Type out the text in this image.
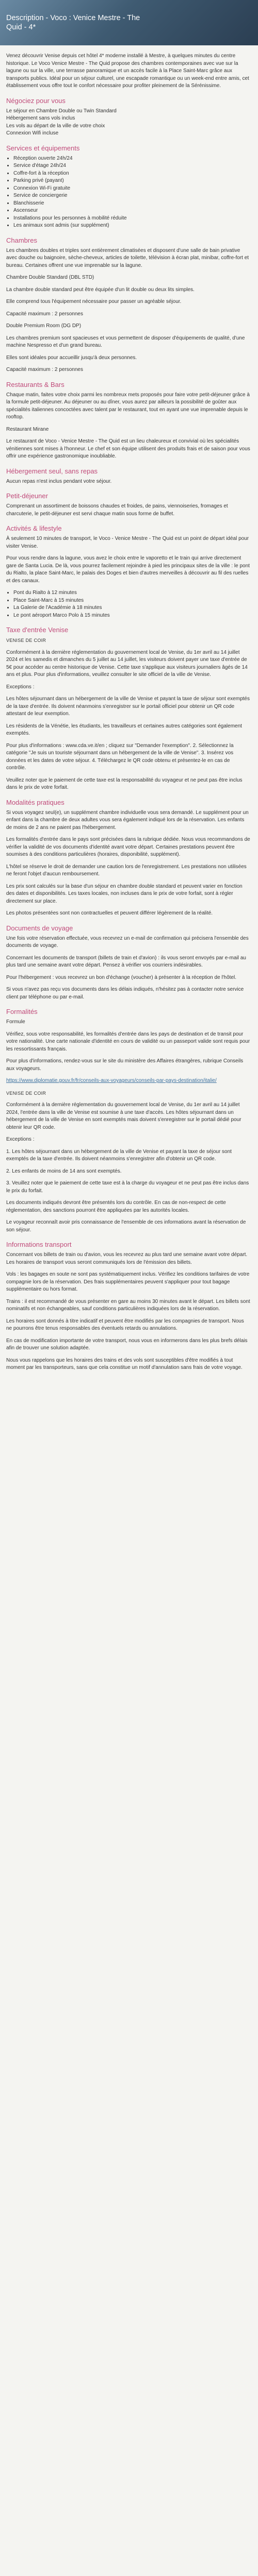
Description - Voco : Venice Mestre - The
Quid - 4*

Venez découvrir Venise depuis cet hôtel 4* moderne installé à Mestre, à quelques minutes du centre historique. Le Voco Venice Mestre - The Quid propose des chambres contemporaines avec vue sur la lagune ou sur la ville, une terrasse panoramique et un accès facile à la Place Saint-Marc grâce aux transports publics. Idéal pour un séjour culturel, une escapade romantique ou un week-end entre amis, cet établissement vous offre tout le confort nécessaire pour profiter pleinement de la Sérénissime.

Négociez pour vous
Le séjour en Chambre Double ou Twin Standard
Hébergement sans vols inclus
Les vols au départ de la ville de votre choix
Connexion Wifi incluse
Services et équipements
• Réception ouverte 24h/24
• Service d'étage 24h/24
• Coffre-fort à la réception
• Parking privé (payant)
• Connexion Wi-Fi gratuite
• Service de conciergerie
• Blanchisserie
• Ascenseur
• Installations pour les personnes à mobilité réduite
• Les animaux sont admis (sur supplément)
Chambres

Les chambres doubles et triples sont entièrement climatisées et disposent d'une salle de bain privative avec douche ou baignoire, sèche-cheveux, articles de toilette, télévision à écran plat, minibar, coffre-fort et bureau. Certaines offrent une vue imprenable sur la lagune.

Chambre Double Standard (DBL STD)

La chambre double standard peut être équipée d'un lit double ou deux lits simples.

Elle comprend tous l'équipement nécessaire pour passer un agréable séjour.

Capacité maximum : 2 personnes

Double Premium Room (DG DP)

Les chambres premium sont spacieuses et vous permettent de disposer d'équipements de qualité, d'une machine Nespresso et d'un grand bureau.

Elles sont idéales pour accueillir jusqu'à deux personnes.

Capacité maximum : 2 personnes

Restaurants & Bars

Chaque matin, faites votre choix parmi les nombreux mets proposés pour faire votre petit-déjeuner grâce à la formule petit-déjeuner. Au déjeuner ou au dîner, vous aurez par ailleurs la possibilité de goûter aux spécialités italiennes concoctées avec talent par le restaurant, tout en ayant une vue imprenable depuis le rooftop.

Restaurant Mirane

Le restaurant de Voco - Venice Mestre - The Quid est un lieu chaleureux et convivial où les spécialités vénitiennes sont mises à l'honneur. Le chef et son équipe utilisent des produits frais et de saison pour vous offrir une expérience gastronomique inoubliable.

Hébergement seul, sans repas

Aucun repas n'est inclus pendant votre séjour.

Petit-déjeuner

Comprenant un assortiment de boissons chaudes et froides, de pains, viennoiseries, fromages et charcuterie, le petit-déjeuner est servi chaque matin sous forme de buffet.

Activités & lifestyle

À seulement 10 minutes de transport, le Voco - Venice Mestre - The Quid est un point de départ idéal pour visiter Venise.

Pour vous rendre dans la lagune, vous avez le choix entre le vaporetto et le train qui arrive directement gare de Santa Lucia. De là, vous pourrez facilement rejoindre à pied les principaux sites de la ville : le pont du Rialto, la place Saint-Marc, le palais des Doges et bien d'autres merveilles à découvrir au fil des ruelles et des canaux.

• Pont du Rialto à 12 minutes
• Place Saint-Marc à 15 minutes
• La Galerie de l'Académie à 18 minutes
• Le pont aéroport Marco Polo à 15 minutes
Taxe d'entrée Venise

VENISE DE COIR

Conformément à la dernière réglementation du gouvernement local de Venise, du 1er avril au 14 juillet 2024 et les samedis et dimanches du 5 juillet au 14 juillet, les visiteurs doivent payer une taxe d'entrée de 5€ pour accéder au centre historique de Venise. Cette taxe s'applique aux visiteurs journaliers âgés de 14 ans et plus. Pour plus d'informations, veuillez consulter le site officiel de la ville de Venise.

Exceptions :

Les hôtes séjournant dans un hébergement de la ville de Venise et payant la taxe de séjour sont exemptés de la taxe d'entrée. Ils doivent néanmoins s'enregistrer sur le portail officiel pour obtenir un QR code attestant de leur exemption.

Les résidents de la Vénétie, les étudiants, les travailleurs et certaines autres catégories sont également exemptés.

Pour plus d'informations : www.cda.ve.it/en ; cliquez sur "Demander l'exemption". 2. Sélectionnez la catégorie "Je suis un touriste séjournant dans un hébergement de la ville de Venise". 3. Insérez vos données et les dates de votre séjour. 4. Téléchargez le QR code obtenu et présentez-le en cas de contrôle.

Veuillez noter que le paiement de cette taxe est la responsabilité du voyageur et ne peut pas être inclus dans le prix de votre forfait.

Modalités pratiques

Si vous voyagez seul(e), un supplément chambre individuelle vous sera demandé. Le supplément pour un enfant dans la chambre de deux adultes vous sera également indiqué lors de la réservation. Les enfants de moins de 2 ans ne paient pas l'hébergement.

Les formalités d'entrée dans le pays sont précisées dans la rubrique dédiée. Nous vous recommandons de vérifier la validité de vos documents d'identité avant votre départ. Certaines prestations peuvent être soumises à des conditions particulières (horaires, disponibilité, supplément).

L'hôtel se réserve le droit de demander une caution lors de l'enregistrement. Les prestations non utilisées ne feront l'objet d'aucun remboursement.

Les prix sont calculés sur la base d'un séjour en chambre double standard et peuvent varier en fonction des dates et disponibilités. Les taxes locales, non incluses dans le prix de votre forfait, sont à régler directement sur place.

Les photos présentées sont non contractuelles et peuvent différer légèrement de la réalité.

Documents de voyage

Une fois votre réservation effectuée, vous recevrez un e-mail de confirmation qui précisera l'ensemble des documents de voyage.

Concernant les documents de transport (billets de train et d'avion) : ils vous seront envoyés par e-mail au plus tard une semaine avant votre départ. Pensez à vérifier vos courriers indésirables.

Pour l'hébergement : vous recevrez un bon d'échange (voucher) à présenter à la réception de l'hôtel.

Si vous n'avez pas reçu vos documents dans les délais indiqués, n'hésitez pas à contacter notre service client par téléphone ou par e-mail.

Formalités

Formule

Vérifiez, sous votre responsabilité, les formalités d'entrée dans les pays de destination et de transit pour votre nationalité. Une carte nationale d'identité en cours de validité ou un passeport valide sont requis pour les ressortissants français.

Pour plus d'informations, rendez-vous sur le site du ministère des Affaires étrangères, rubrique Conseils aux voyageurs.

https://www.diplomatie.gouv.fr/fr/conseils-aux-voyageurs/conseils-par-pays-destination/italie/

VENISE DE COIR

Conformément à la dernière réglementation du gouvernement local de Venise, du 1er avril au 14 juillet 2024, l'entrée dans la ville de Venise est soumise à une taxe d'accès. Les hôtes séjournant dans un hébergement de la ville de Venise en sont exemptés mais doivent s'enregistrer sur le portail dédié pour obtenir leur QR code.

Exceptions :

1. Les hôtes séjournant dans un hébergement de la ville de Venise et payant la taxe de séjour sont exemptés de la taxe d'entrée. Ils doivent néanmoins s'enregistrer afin d'obtenir un QR code.

2. Les enfants de moins de 14 ans sont exemptés.

3. Veuillez noter que le paiement de cette taxe est à la charge du voyageur et ne peut pas être inclus dans le prix du forfait.

Les documents indiqués devront être présentés lors du contrôle. En cas de non-respect de cette réglementation, des sanctions pourront être appliquées par les autorités locales.

Le voyageur reconnaît avoir pris connaissance de l'ensemble de ces informations avant la réservation de son séjour.

Informations transport

Concernant vos billets de train ou d'avion, vous les recevrez au plus tard une semaine avant votre départ. Les horaires de transport vous seront communiqués lors de l'émission des billets.

Vols : les bagages en soute ne sont pas systématiquement inclus. Vérifiez les conditions tarifaires de votre compagnie lors de la réservation. Des frais supplémentaires peuvent s'appliquer pour tout bagage supplémentaire ou hors format.

Trains : il est recommandé de vous présenter en gare au moins 30 minutes avant le départ. Les billets sont nominatifs et non échangeables, sauf conditions particulières indiquées lors de la réservation.

Les horaires sont donnés à titre indicatif et peuvent être modifiés par les compagnies de transport. Nous ne pourrons être tenus responsables des éventuels retards ou annulations.

En cas de modification importante de votre transport, nous vous en informerons dans les plus brefs délais afin de trouver une solution adaptée.

Nous vous rappelons que les horaires des trains et des vols sont susceptibles d'être modifiés à tout moment par les transporteurs, sans que cela constitue un motif d'annulation sans frais de votre voyage.
